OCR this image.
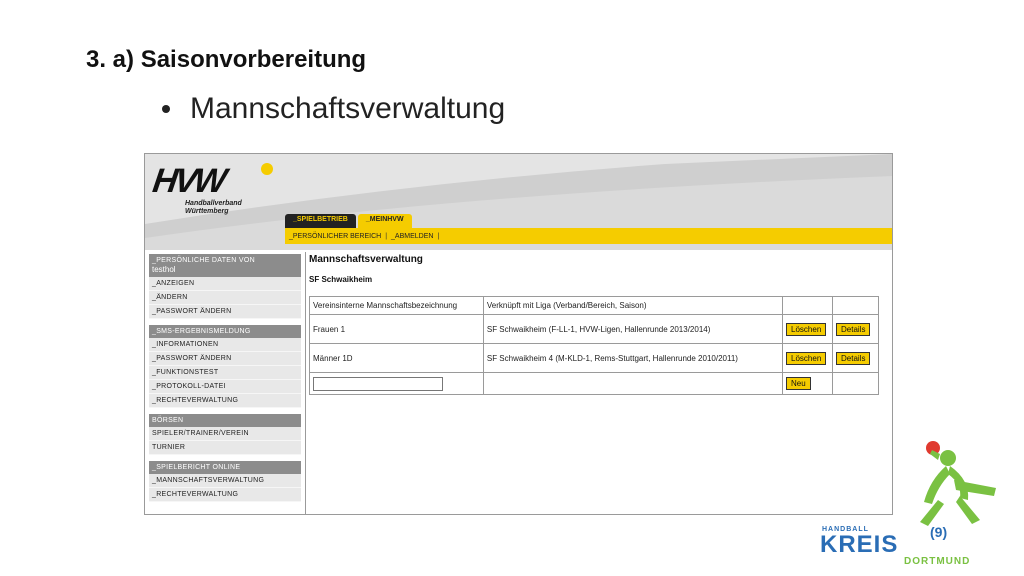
3. a) Saisonvorbereitung
Mannschaftsverwaltung
HVW
Handballverband
Württemberg
_SPIELBETRIEB	_MEINHVW
_PERSÖNLICHER BEREICH | _ABMELDEN |
_PERSÖNLICHE DATEN VON
testhol
_ANZEIGEN
_ÄNDERN
_PASSWORT ÄNDERN
_SMS-ERGEBNISMELDUNG
_INFORMATIONEN
_PASSWORT ÄNDERN
_FUNKTIONSTEST
_PROTOKOLL-DATEI
_RECHTEVERWALTUNG
BÖRSEN
SPIELER/TRAINER/VEREIN
TURNIER
_SPIELBERICHT ONLINE
_MANNSCHAFTSVERWALTUNG
_RECHTEVERWALTUNG
Mannschaftsverwaltung
SF Schwaikheim
Vereinsinterne Mannschaftsbezeichnung	Verknüpft mit Liga (Verband/Bereich, Saison)		
Frauen 1	SF Schwaikheim (F-LL-1, HVW-Ligen, Hallenrunde 2013/2014)	Löschen	Details
Männer 1D	SF Schwaikheim 4 (M-KLD-1, Rems-Stuttgart, Hallenrunde 2010/2011)	Löschen	Details
		Neu	
HANDBALL
KREIS (9)
DORTMUND
